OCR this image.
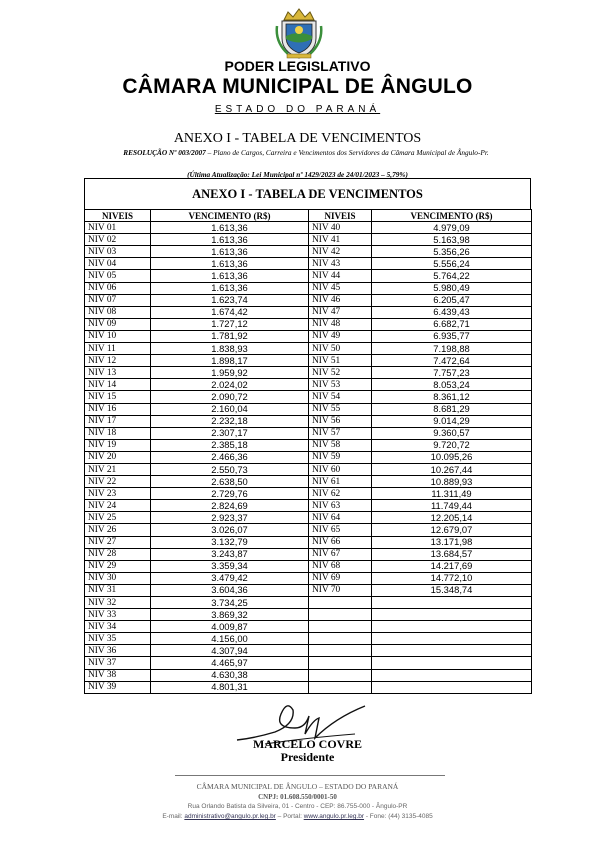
PODER LEGISLATIVO
CÂMARA MUNICIPAL DE ÂNGULO
ESTADO DO PARANÁ
ANEXO I - TABELA DE VENCIMENTOS
RESOLUÇÃO Nº 003/2007 – Plano de Cargos, Carreira e Vencimentos dos Servidores da Câmara Municipal de Ângulo-Pr.
(Última Atualização: Lei Municipal nº 1429/2023 de 24/01/2023 – 5,79%)
ANEXO I - TABELA DE VENCIMENTOS
NIVEIS	VENCIMENTO (R$)	NIVEIS	VENCIMENTO (R$)
NIV 01	1.613,36	NIV 40	4.979,09
NIV 02	1.613,36	NIV 41	5.163,98
NIV 03	1.613,36	NIV 42	5.356,26
NIV 04	1.613,36	NIV 43	5.556,24
NIV 05	1.613,36	NIV 44	5.764,22
NIV 06	1.613,36	NIV 45	5.980,49
NIV 07	1.623,74	NIV 46	6.205,47
NIV 08	1.674,42	NIV 47	6.439,43
NIV 09	1.727,12	NIV 48	6.682,71
NIV 10	1.781,92	NIV 49	6.935,77
NIV 11	1.838,93	NIV 50	7.198,88
NIV 12	1.898,17	NIV 51	7.472,64
NIV 13	1.959,92	NIV 52	7.757,23
NIV 14	2.024,02	NIV 53	8.053,24
NIV 15	2.090,72	NIV 54	8.361,12
NIV 16	2.160,04	NIV 55	8.681,29
NIV 17	2.232,18	NIV 56	9.014,29
NIV 18	2.307,17	NIV 57	9.360,57
NIV 19	2.385,18	NIV 58	9.720,72
NIV 20	2.466,36	NIV 59	10.095,26
NIV 21	2.550,73	NIV 60	10.267,44
NIV 22	2.638,50	NIV 61	10.889,93
NIV 23	2.729,76	NIV 62	11.311,49
NIV 24	2.824,69	NIV 63	11.749,44
NIV 25	2.923,37	NIV 64	12.205,14
NIV 26	3.026,07	NIV 65	12.679,07
NIV 27	3.132,79	NIV 66	13.171,98
NIV 28	3.243,87	NIV 67	13.684,57
NIV 29	3.359,34	NIV 68	14.217,69
NIV 30	3.479,42	NIV 69	14.772,10
NIV 31	3.604,36	NIV 70	15.348,74
NIV 32	3.734,25		
NIV 33	3.869,32		
NIV 34	4.009,87		
NIV 35	4.156,00		
NIV 36	4.307,94		
NIV 37	4.465,97		
NIV 38	4.630,38		
NIV 39	4.801,31		
MARCELO COVRE
Presidente
CÂMARA MUNICIPAL DE ÂNGULO – ESTADO DO PARANÁ
CNPJ: 01.608.550/0001-50
Rua Orlando Batista da Silveira, 01 - Centro - CEP: 86.755-000 - Ângulo-PR
E-mail: administrativo@angulo.pr.leg.br – Portal: www.angulo.pr.leg.br - Fone: (44) 3135-4085
